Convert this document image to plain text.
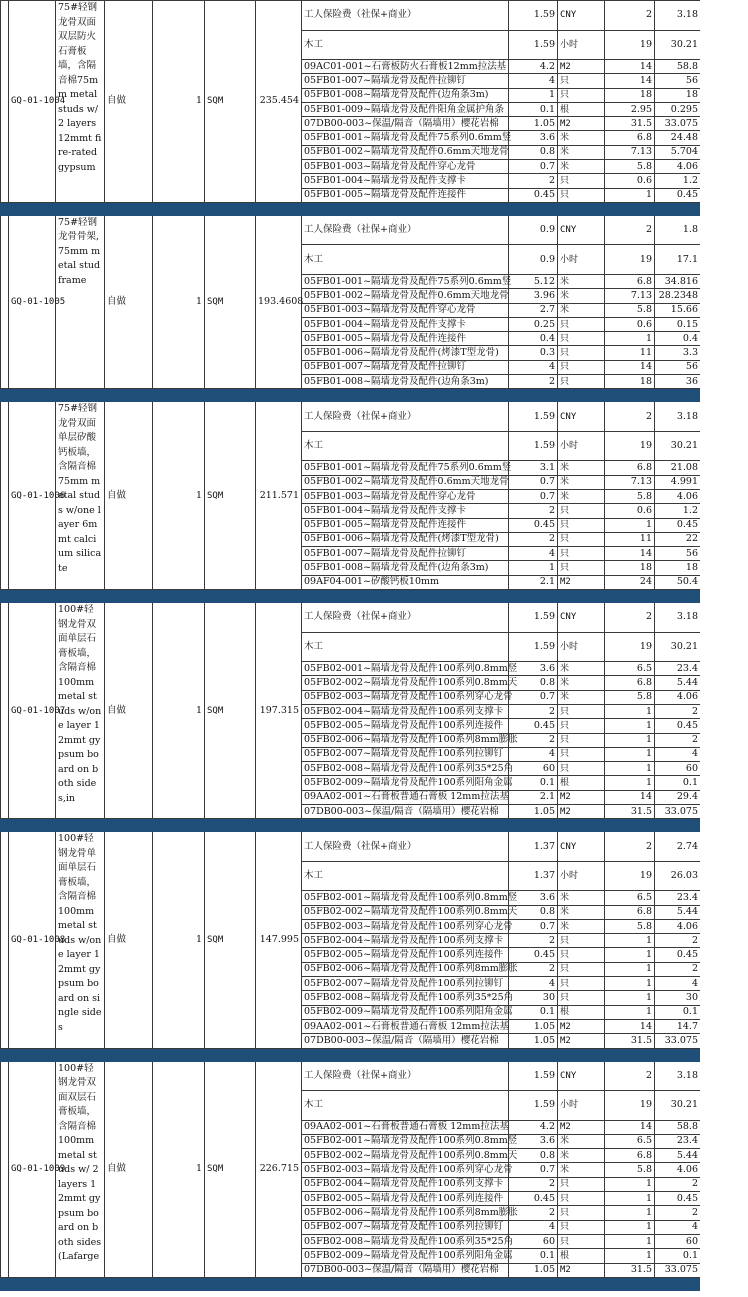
	GQ-01-1004	75#轻钢龙骨双面双层防火石膏板墙，含隔音棉75mm metal studs w/ 2 layers 12mmt fire-rated gypsum	自做	1	SQM	235.454	工人保险费（社保+商业）	1.59	CNY	2	3.18
							木工	1.59	小时	19	30.21
							09AC01-001~石膏板防火石膏板12mm拉法基	4.2	M2	14	58.8
							05FB01-007~隔墙龙骨及配件拉铆钉	4	只	14	56
							05FB01-008~隔墙龙骨及配件(边角条3m)	1	只	18	18
							05FB01-009~隔墙龙骨及配件阳角金属护角条	0.1	根	2.95	0.295
							07DB00-003~保温/隔音（隔墙用）樱花岩棉	1.05	M2	31.5	33.075
							05FB01-001~隔墙龙骨及配件75系列0.6mm竖	3.6	米	6.8	24.48
							05FB01-002~隔墙龙骨及配件0.6mm天地龙骨	0.8	米	7.13	5.704
							05FB01-003~隔墙龙骨及配件穿心龙骨	0.7	米	5.8	4.06
							05FB01-004~隔墙龙骨及配件支撑卡	2	只	0.6	1.2
							05FB01-005~隔墙龙骨及配件连接件	0.45	只	1	0.45

	GQ-01-1005	75#轻钢龙骨骨架, 75mm metal stud frame	自做	1	SQM	193.4608	工人保险费（社保+商业）	0.9	CNY	2	1.8
							木工	0.9	小时	19	17.1
							05FB01-001~隔墙龙骨及配件75系列0.6mm竖	5.12	米	6.8	34.816
							05FB01-002~隔墙龙骨及配件0.6mm天地龙骨	3.96	米	7.13	28.2348
							05FB01-003~隔墙龙骨及配件穿心龙骨	2.7	米	5.8	15.66
							05FB01-004~隔墙龙骨及配件支撑卡	0.25	只	0.6	0.15
							05FB01-005~隔墙龙骨及配件连接件	0.4	只	1	0.4
							05FB01-006~隔墙龙骨及配件(烤漆T型龙骨)	0.3	只	11	3.3
							05FB01-007~隔墙龙骨及配件拉铆钉	4	只	14	56
							05FB01-008~隔墙龙骨及配件(边角条3m)	2	只	18	36

	GQ-01-1006	75#轻钢龙骨双面单层矽酸钙板墙，含隔音棉75mm metal studs w/one layer 6mmt calcium silicate	自做	1	SQM	211.571	工人保险费（社保+商业）	1.59	CNY	2	3.18
							木工	1.59	小时	19	30.21
							05FB01-001~隔墙龙骨及配件75系列0.6mm竖	3.1	米	6.8	21.08
							05FB01-002~隔墙龙骨及配件0.6mm天地龙骨	0.7	米	7.13	4.991
							05FB01-003~隔墙龙骨及配件穿心龙骨	0.7	米	5.8	4.06
							05FB01-004~隔墙龙骨及配件支撑卡	2	只	0.6	1.2
							05FB01-005~隔墙龙骨及配件连接件	0.45	只	1	0.45
							05FB01-006~隔墙龙骨及配件(烤漆T型龙骨)	2	只	11	22
							05FB01-007~隔墙龙骨及配件拉铆钉	4	只	14	56
							05FB01-008~隔墙龙骨及配件(边角条3m)	1	只	18	18
							09AF04-001~矽酸钙板10mm	2.1	M2	24	50.4

	GQ-01-1007	100#轻钢龙骨双面单层石膏板墙，含隔音棉100mm metal studs w/one layer 12mmt gypsum board on both sides,in	自做	1	SQM	197.315	工人保险费（社保+商业）	1.59	CNY	2	3.18
							木工	1.59	小时	19	30.21
							05FB02-001~隔墙龙骨及配件100系列0.8mm竖	3.6	米	6.5	23.4
							05FB02-002~隔墙龙骨及配件100系列0.8mm天	0.8	米	6.8	5.44
							05FB02-003~隔墙龙骨及配件100系列穿心龙骨	0.7	米	5.8	4.06
							05FB02-004~隔墙龙骨及配件100系列支撑卡	2	只	1	2
							05FB02-005~隔墙龙骨及配件100系列连接件	0.45	只	1	0.45
							05FB02-006~隔墙龙骨及配件100系列8mm膨胀	2	只	1	2
							05FB02-007~隔墙龙骨及配件100系列拉铆钉	4	只	1	4
							05FB02-008~隔墙龙骨及配件100系列35*25角	60	只	1	60
							05FB02-009~隔墙龙骨及配件100系列阳角金属	0.1	根	1	0.1
							09AA02-001~石膏板普通石膏板 12mm拉法基	2.1	M2	14	29.4
							07DB00-003~保温/隔音（隔墙用）樱花岩棉	1.05	M2	31.5	33.075

	GQ-01-1008	100#轻钢龙骨单面单层石膏板墙，含隔音棉100mm metal studs w/one layer 12mmt gypsum board on single sides	自做	1	SQM	147.995	工人保险费（社保+商业）	1.37	CNY	2	2.74
							木工	1.37	小时	19	26.03
							05FB02-001~隔墙龙骨及配件100系列0.8mm竖	3.6	米	6.5	23.4
							05FB02-002~隔墙龙骨及配件100系列0.8mm天	0.8	米	6.8	5.44
							05FB02-003~隔墙龙骨及配件100系列穿心龙骨	0.7	米	5.8	4.06
							05FB02-004~隔墙龙骨及配件100系列支撑卡	2	只	1	2
							05FB02-005~隔墙龙骨及配件100系列连接件	0.45	只	1	0.45
							05FB02-006~隔墙龙骨及配件100系列8mm膨胀	2	只	1	2
							05FB02-007~隔墙龙骨及配件100系列拉铆钉	4	只	1	4
							05FB02-008~隔墙龙骨及配件100系列35*25角	30	只	1	30
							05FB02-009~隔墙龙骨及配件100系列阳角金属	0.1	根	1	0.1
							09AA02-001~石膏板普通石膏板 12mm拉法基	1.05	M2	14	14.7
							07DB00-003~保温/隔音（隔墙用）樱花岩棉	1.05	M2	31.5	33.075

	GQ-01-1009	100#轻钢龙骨双面双层石膏板墙，含隔音棉100mm metal studs w/ 2 layers 12mmt gypsum board on both sides (Lafarge	自做	1	SQM	226.715	工人保险费（社保+商业）	1.59	CNY	2	3.18
							木工	1.59	小时	19	30.21
							09AA02-001~石膏板普通石膏板 12mm拉法基	4.2	M2	14	58.8
							05FB02-001~隔墙龙骨及配件100系列0.8mm竖	3.6	米	6.5	23.4
							05FB02-002~隔墙龙骨及配件100系列0.8mm天	0.8	米	6.8	5.44
							05FB02-003~隔墙龙骨及配件100系列穿心龙骨	0.7	米	5.8	4.06
							05FB02-004~隔墙龙骨及配件100系列支撑卡	2	只	1	2
							05FB02-005~隔墙龙骨及配件100系列连接件	0.45	只	1	0.45
							05FB02-006~隔墙龙骨及配件100系列8mm膨胀	2	只	1	2
							05FB02-007~隔墙龙骨及配件100系列拉铆钉	4	只	1	4
							05FB02-008~隔墙龙骨及配件100系列35*25角	60	只	1	60
							05FB02-009~隔墙龙骨及配件100系列阳角金属	0.1	根	1	0.1
							07DB00-003~保温/隔音（隔墙用）樱花岩棉	1.05	M2	31.5	33.075
